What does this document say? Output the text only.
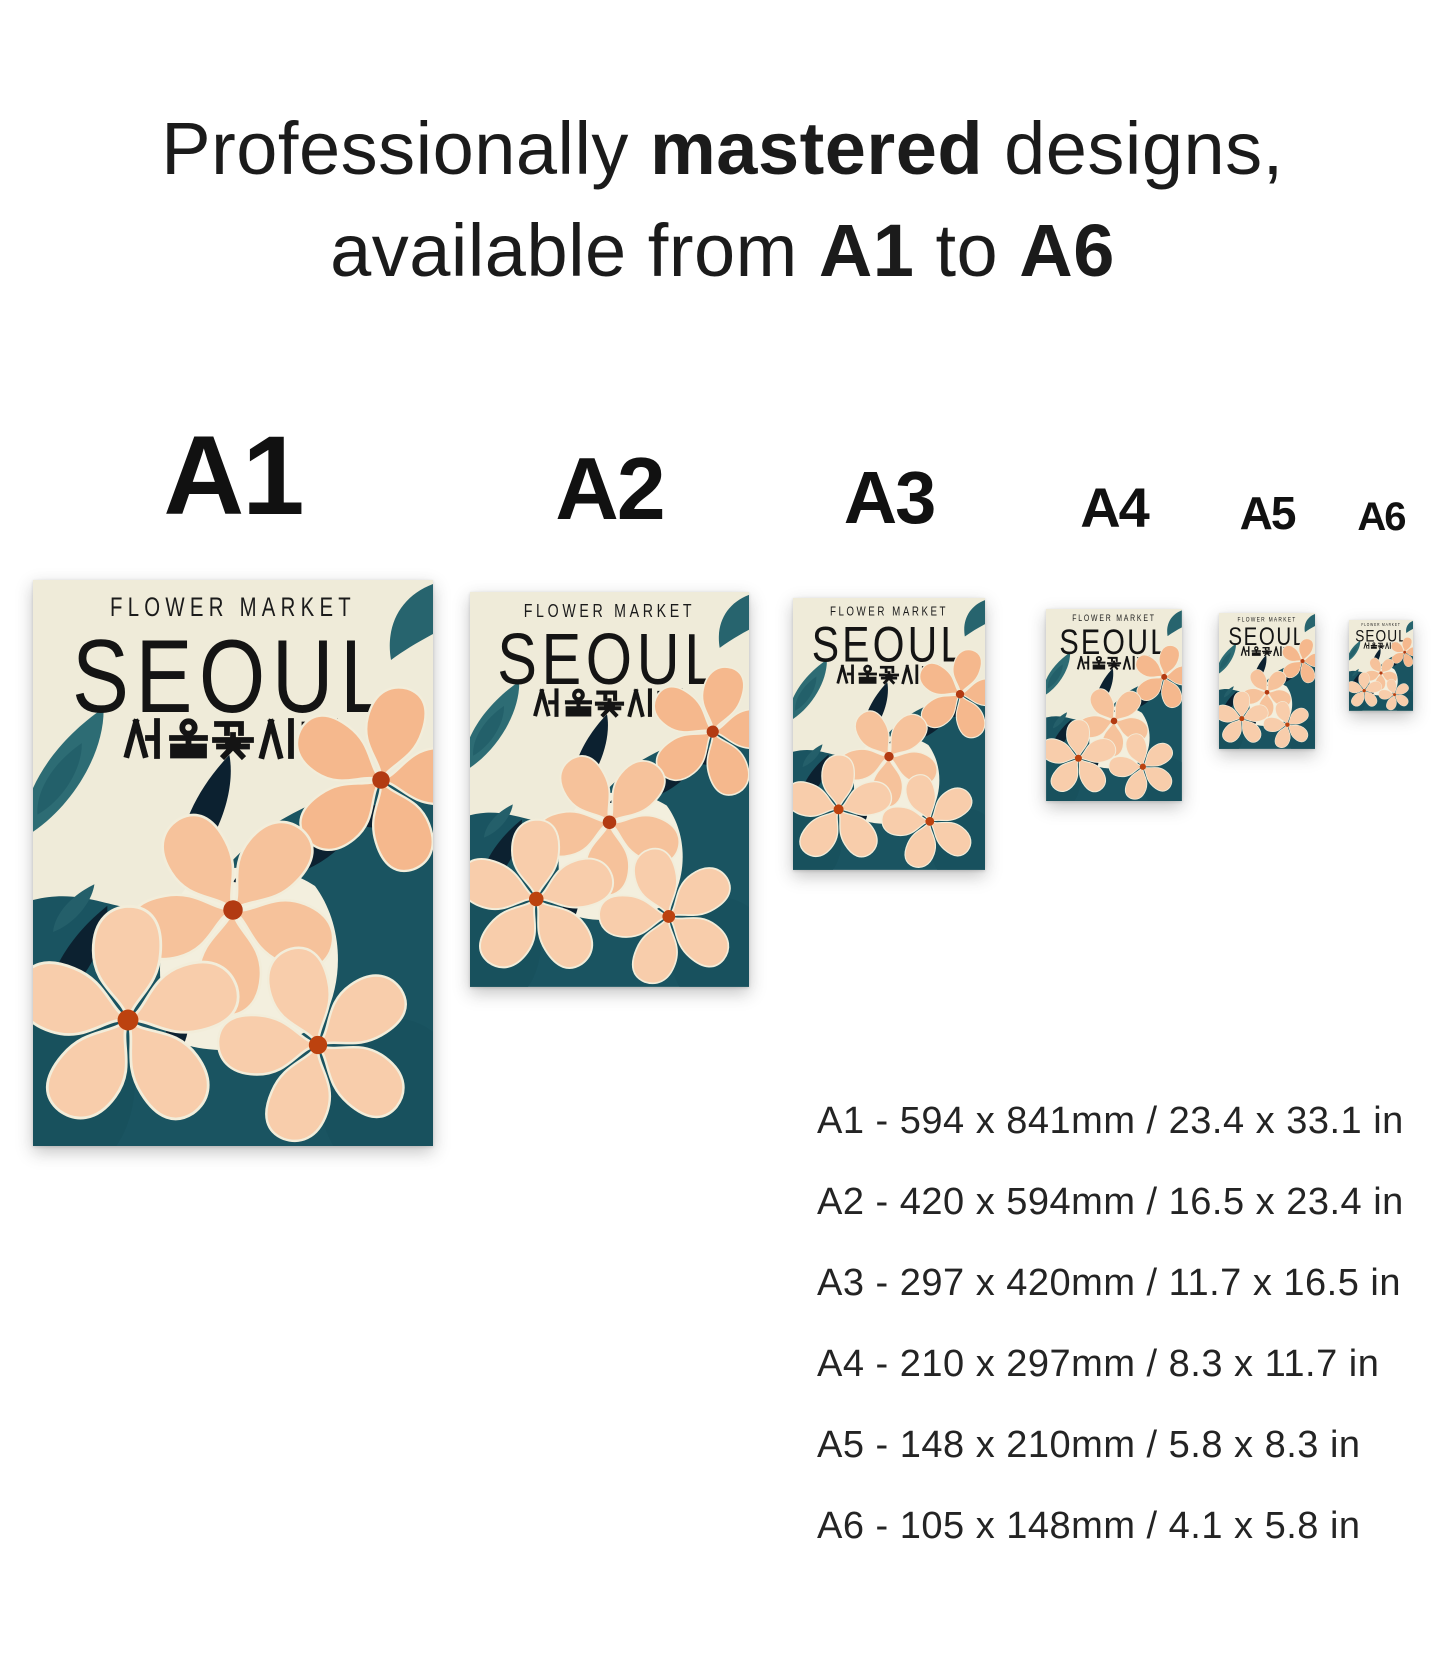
Professionally mastered designs,
available from A1 to A6
A1	A2 A3	A4 A5 A6
A1 - 594 x 841mm / 23.4 x 33.1 in
A2 - 420 x 594mm / 16.5 x 23.4 in
A3 - 297 x 420mm / 11.7 x 16.5 in
A4 - 210 x 297mm / 8.3 x 11.7 in
A5 - 148 x 210mm / 5.8 x 8.3 in
A6 - 105 x 148mm / 4.1 x 5.8 in
